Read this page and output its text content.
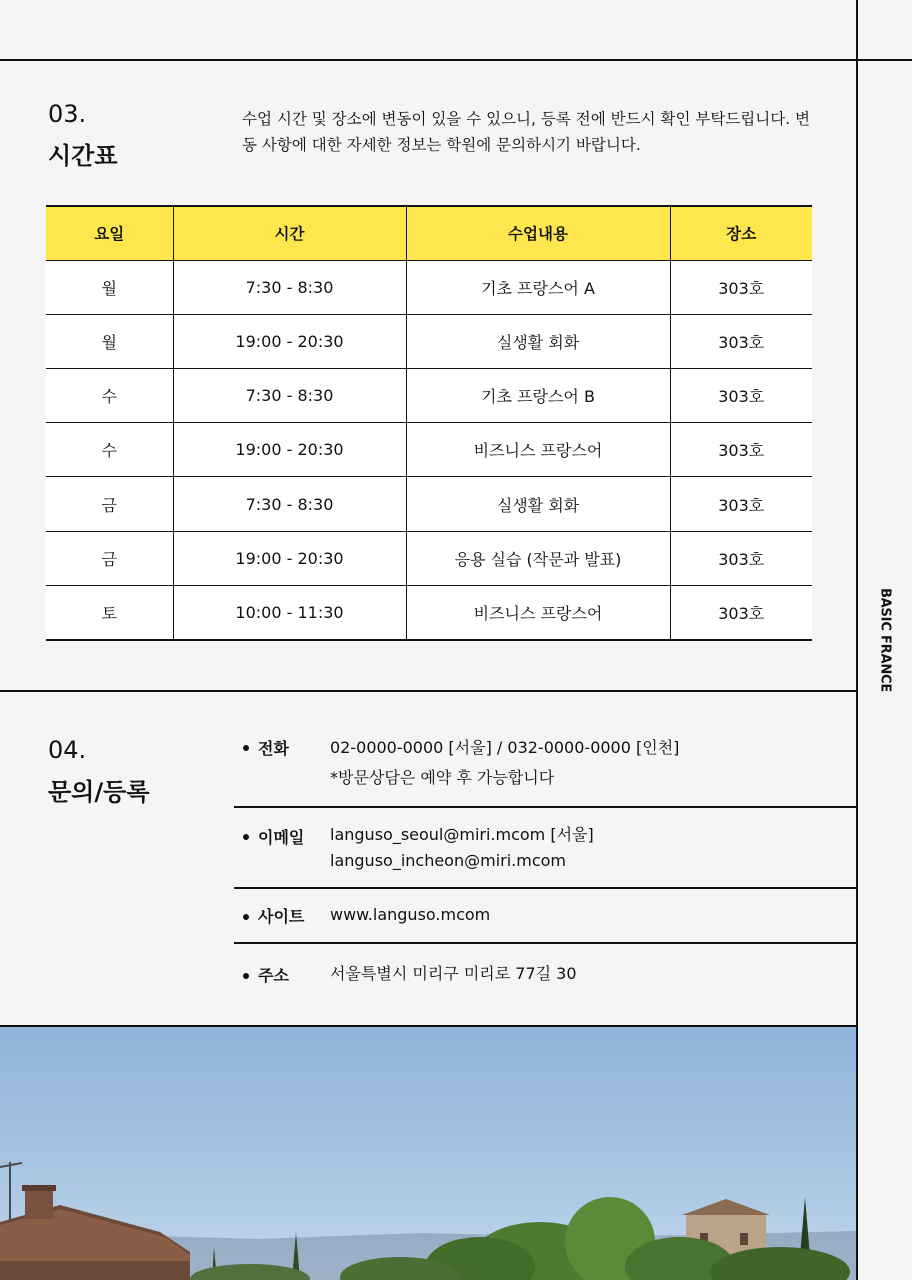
BASIC FRANCE
03.
시간표
수업 시간 및 장소에 변동이 있을 수 있으니, 등록 전에 반드시 확인 부탁드립니다. 변
동 사항에 대한 자세한 정보는 학원에 문의하시기 바랍니다.
요일	시간	수업내용	장소
월	7:30 - 8:30	기초 프랑스어 A	303호
월	19:00 - 20:30	실생활 회화	303호
수	7:30 - 8:30	기초 프랑스어 B	303호
수	19:00 - 20:30	비즈니스 프랑스어	303호
금	7:30 - 8:30	실생활 회화	303호
금	19:00 - 20:30	응용 실습 (작문과 발표)	303호
토	10:00 - 11:30	비즈니스 프랑스어	303호
04.
문의/등록
전화	02-0000-0000 [서울] / 032-0000-0000 [인천]
*방문상담은 예약 후 가능합니다
이메일 languso_seoul@miri.mcom [서울]
languso_incheon@miri.mcom
사이트 www.languso.mcom
주소	서울특별시 미리구 미리로 77길 30
